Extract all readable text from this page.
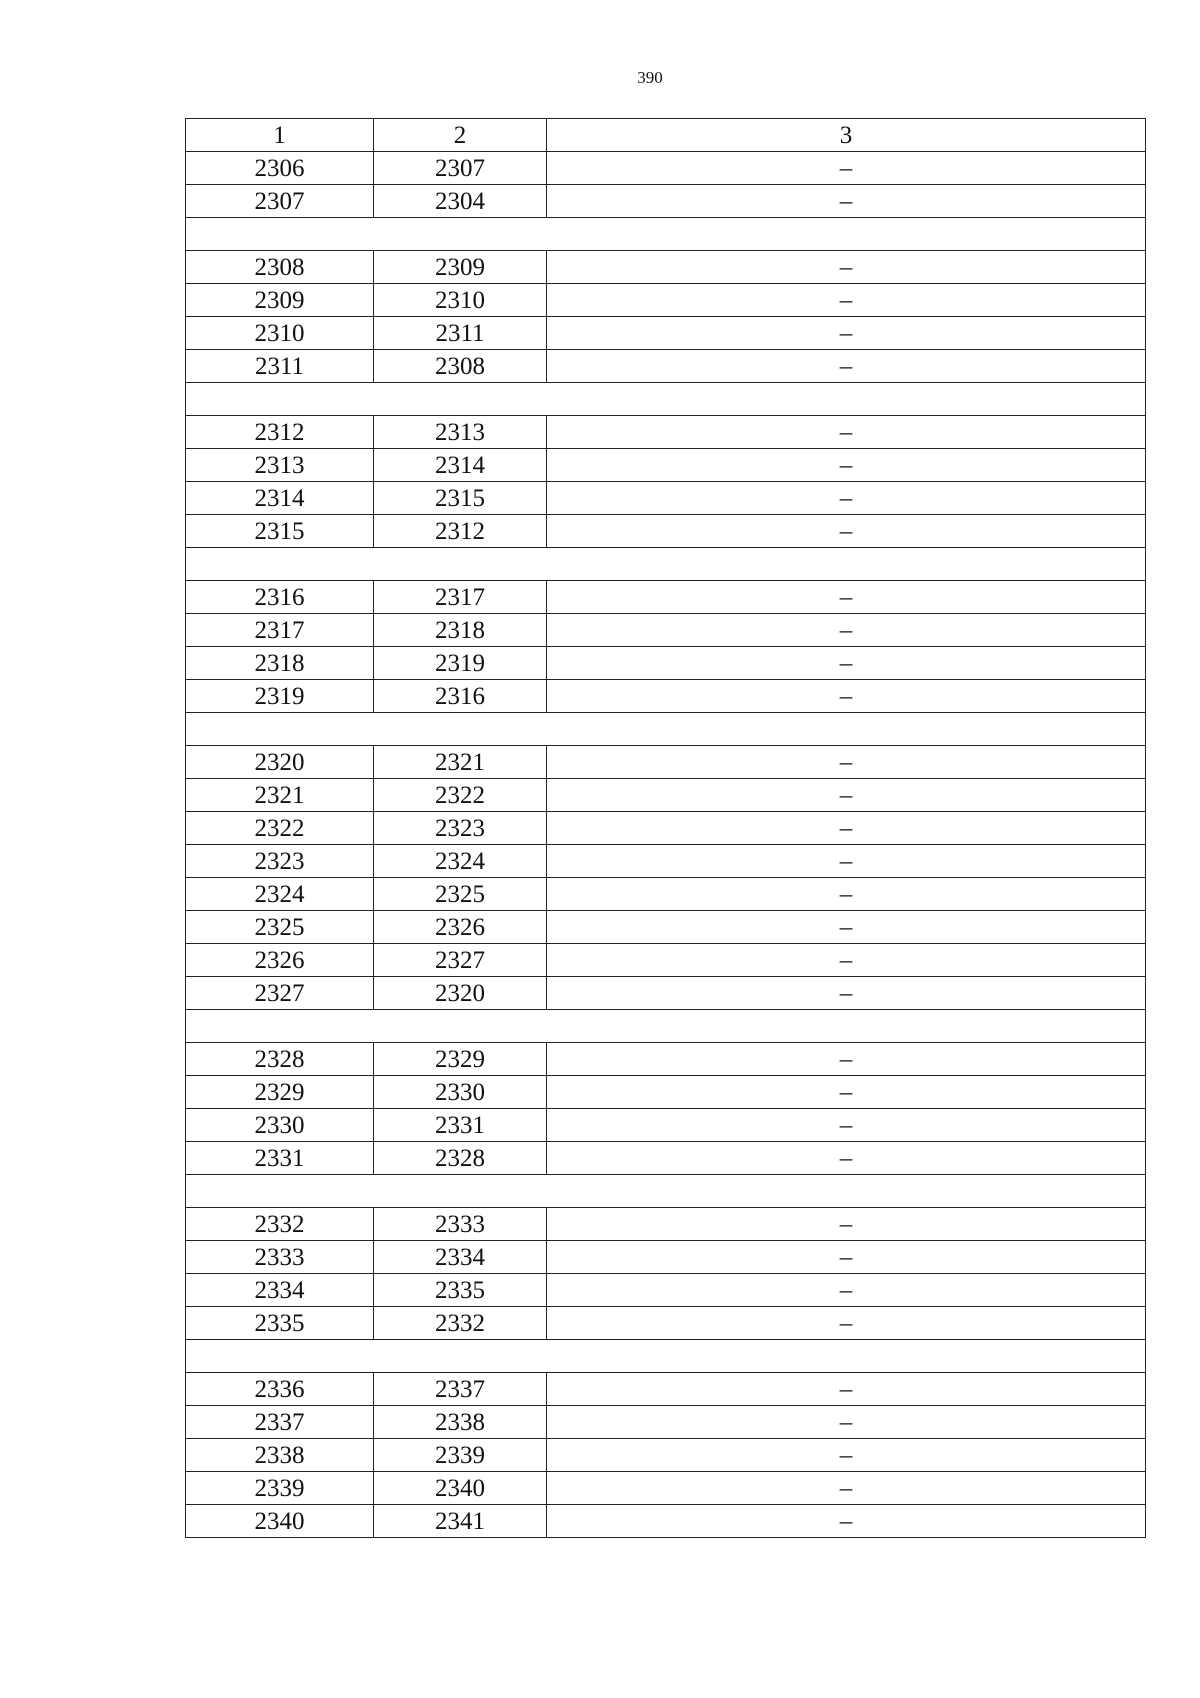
390
1	2	3
2306	2307	–
2307	2304	–

2308	2309	–
2309	2310	–
2310	2311	–
2311	2308	–

2312	2313	–
2313	2314	–
2314	2315	–
2315	2312	–

2316	2317	–
2317	2318	–
2318	2319	–
2319	2316	–

2320	2321	–
2321	2322	–
2322	2323	–
2323	2324	–
2324	2325	–
2325	2326	–
2326	2327	–
2327	2320	–

2328	2329	–
2329	2330	–
2330	2331	–
2331	2328	–

2332	2333	–
2333	2334	–
2334	2335	–
2335	2332	–

2336	2337	–
2337	2338	–
2338	2339	–
2339	2340	–
2340	2341	–
